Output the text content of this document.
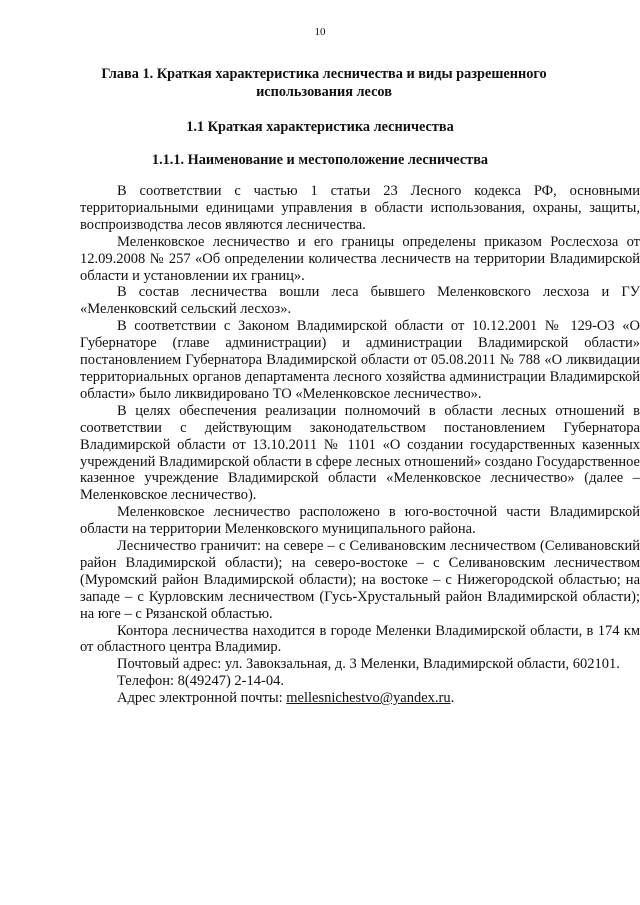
10
Глава 1. Краткая характеристика лесничества и виды разрешенного использования лесов
1.1 Краткая характеристика лесничества
1.1.1. Наименование и местоположение лесничества

В соответствии с частью 1 статьи 23 Лесного кодекса РФ, основными территориальными единицами управления в области использования, охраны, защиты, воспроизводства лесов являются лесничества.

Меленковское лесничество и его границы определены приказом Рослесхоза от 12.09.2008 № 257 «Об определении количества лесничеств на территории Владимирской области и установлении их границ».

В состав лесничества вошли леса бывшего Меленковского лесхоза и ГУ «Меленковский сельский лесхоз».

В соответствии с Законом Владимирской области от 10.12.2001 № 129-ОЗ «О Губернаторе (главе администрации) и администрации Владимирской области» постановлением Губернатора Владимирской области от 05.08.2011 № 788 «О ликвидации территориальных органов департамента лесного хозяйства администрации Владимирской области» было ликвидировано ТО «Меленковское лесничество».

В целях обеспечения реализации полномочий в области лесных отношений в соответствии с действующим законодательством постановлением Губернатора Владимирской области от 13.10.2011 № 1101 «О создании государственных казенных учреждений Владимирской области в сфере лесных отношений» создано Государственное казенное учреждение Владимирской области «Меленковское лесничество» (далее – Меленковское лесничество).

Меленковское лесничество расположено в юго-восточной части Владимирской области на территории Меленковского муниципального района.

Лесничество граничит: на севере – с Селивановским лесничеством (Селивановский район Владимирской области); на северо-востоке – с Селивановским лесничеством (Муромский район Владимирской области); на востоке – с Нижегородской областью; на западе – с Курловским лесничеством (Гусь-Хрустальный район Владимирской области); на юге – с Рязанской областью.

Контора лесничества находится в городе Меленки Владимирской области, в 174 км от областного центра Владимир.

Почтовый адрес: ул. Завокзальная, д. 3 Меленки, Владимирской области, 602101.

Телефон: 8(49247) 2-14-04.

Адрес электронной почты: mellesnichestvo@yandex.ru.
